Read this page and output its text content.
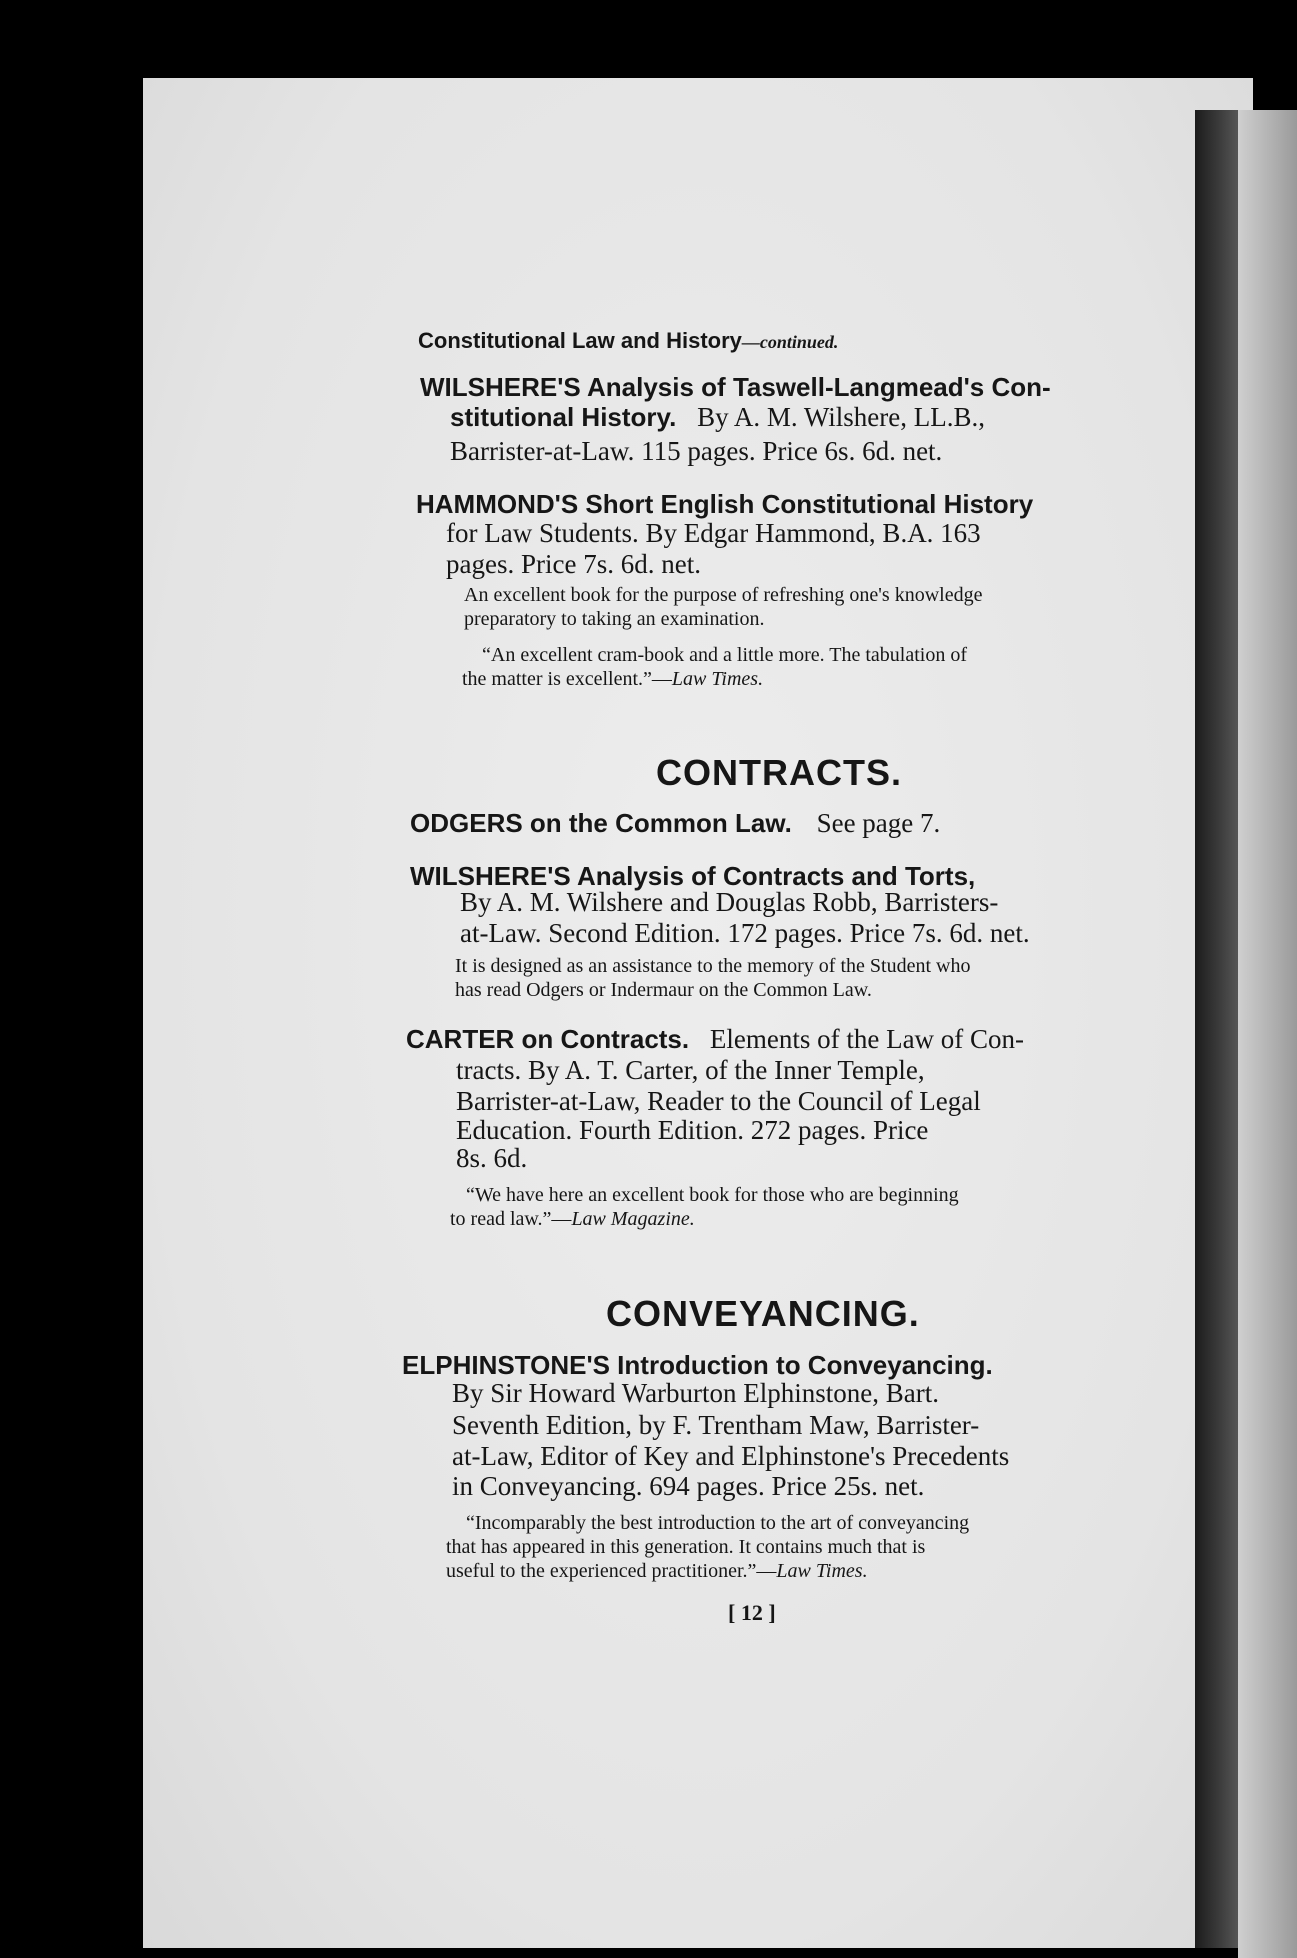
Constitutional Law and History—continued.
WILSHERE'S Analysis of Taswell-Langmead's Con-
stitutional History. By A. M. Wilshere, LL.B.,
Barrister-at-Law. 115 pages. Price 6s. 6d. net.
HAMMOND'S Short English Constitutional History
for Law Students. By Edgar Hammond, B.A. 163
pages. Price 7s. 6d. net.
An excellent book for the purpose of refreshing one's knowledge
preparatory to taking an examination.
“An excellent cram-book and a little more. The tabulation of
the matter is excellent.”—Law Times.
CONTRACTS.
ODGERS on the Common Law. See page 7.
WILSHERE'S Analysis of Contracts and Torts,
By A. M. Wilshere and Douglas Robb, Barristers-
at-Law. Second Edition. 172 pages. Price 7s. 6d. net.
It is designed as an assistance to the memory of the Student who
has read Odgers or Indermaur on the Common Law.
CARTER on Contracts. Elements of the Law of Con-
tracts. By A. T. Carter, of the Inner Temple,
Barrister-at-Law, Reader to the Council of Legal
Education. Fourth Edition. 272 pages. Price
8s. 6d.
“We have here an excellent book for those who are beginning
to read law.”—Law Magazine.
CONVEYANCING.
ELPHINSTONE'S Introduction to Conveyancing.
By Sir Howard Warburton Elphinstone, Bart.
Seventh Edition, by F. Trentham Maw, Barrister-
at-Law, Editor of Key and Elphinstone's Precedents
in Conveyancing. 694 pages. Price 25s. net.
“Incomparably the best introduction to the art of conveyancing
that has appeared in this generation. It contains much that is
useful to the experienced practitioner.”—Law Times.
[ 12 ]
